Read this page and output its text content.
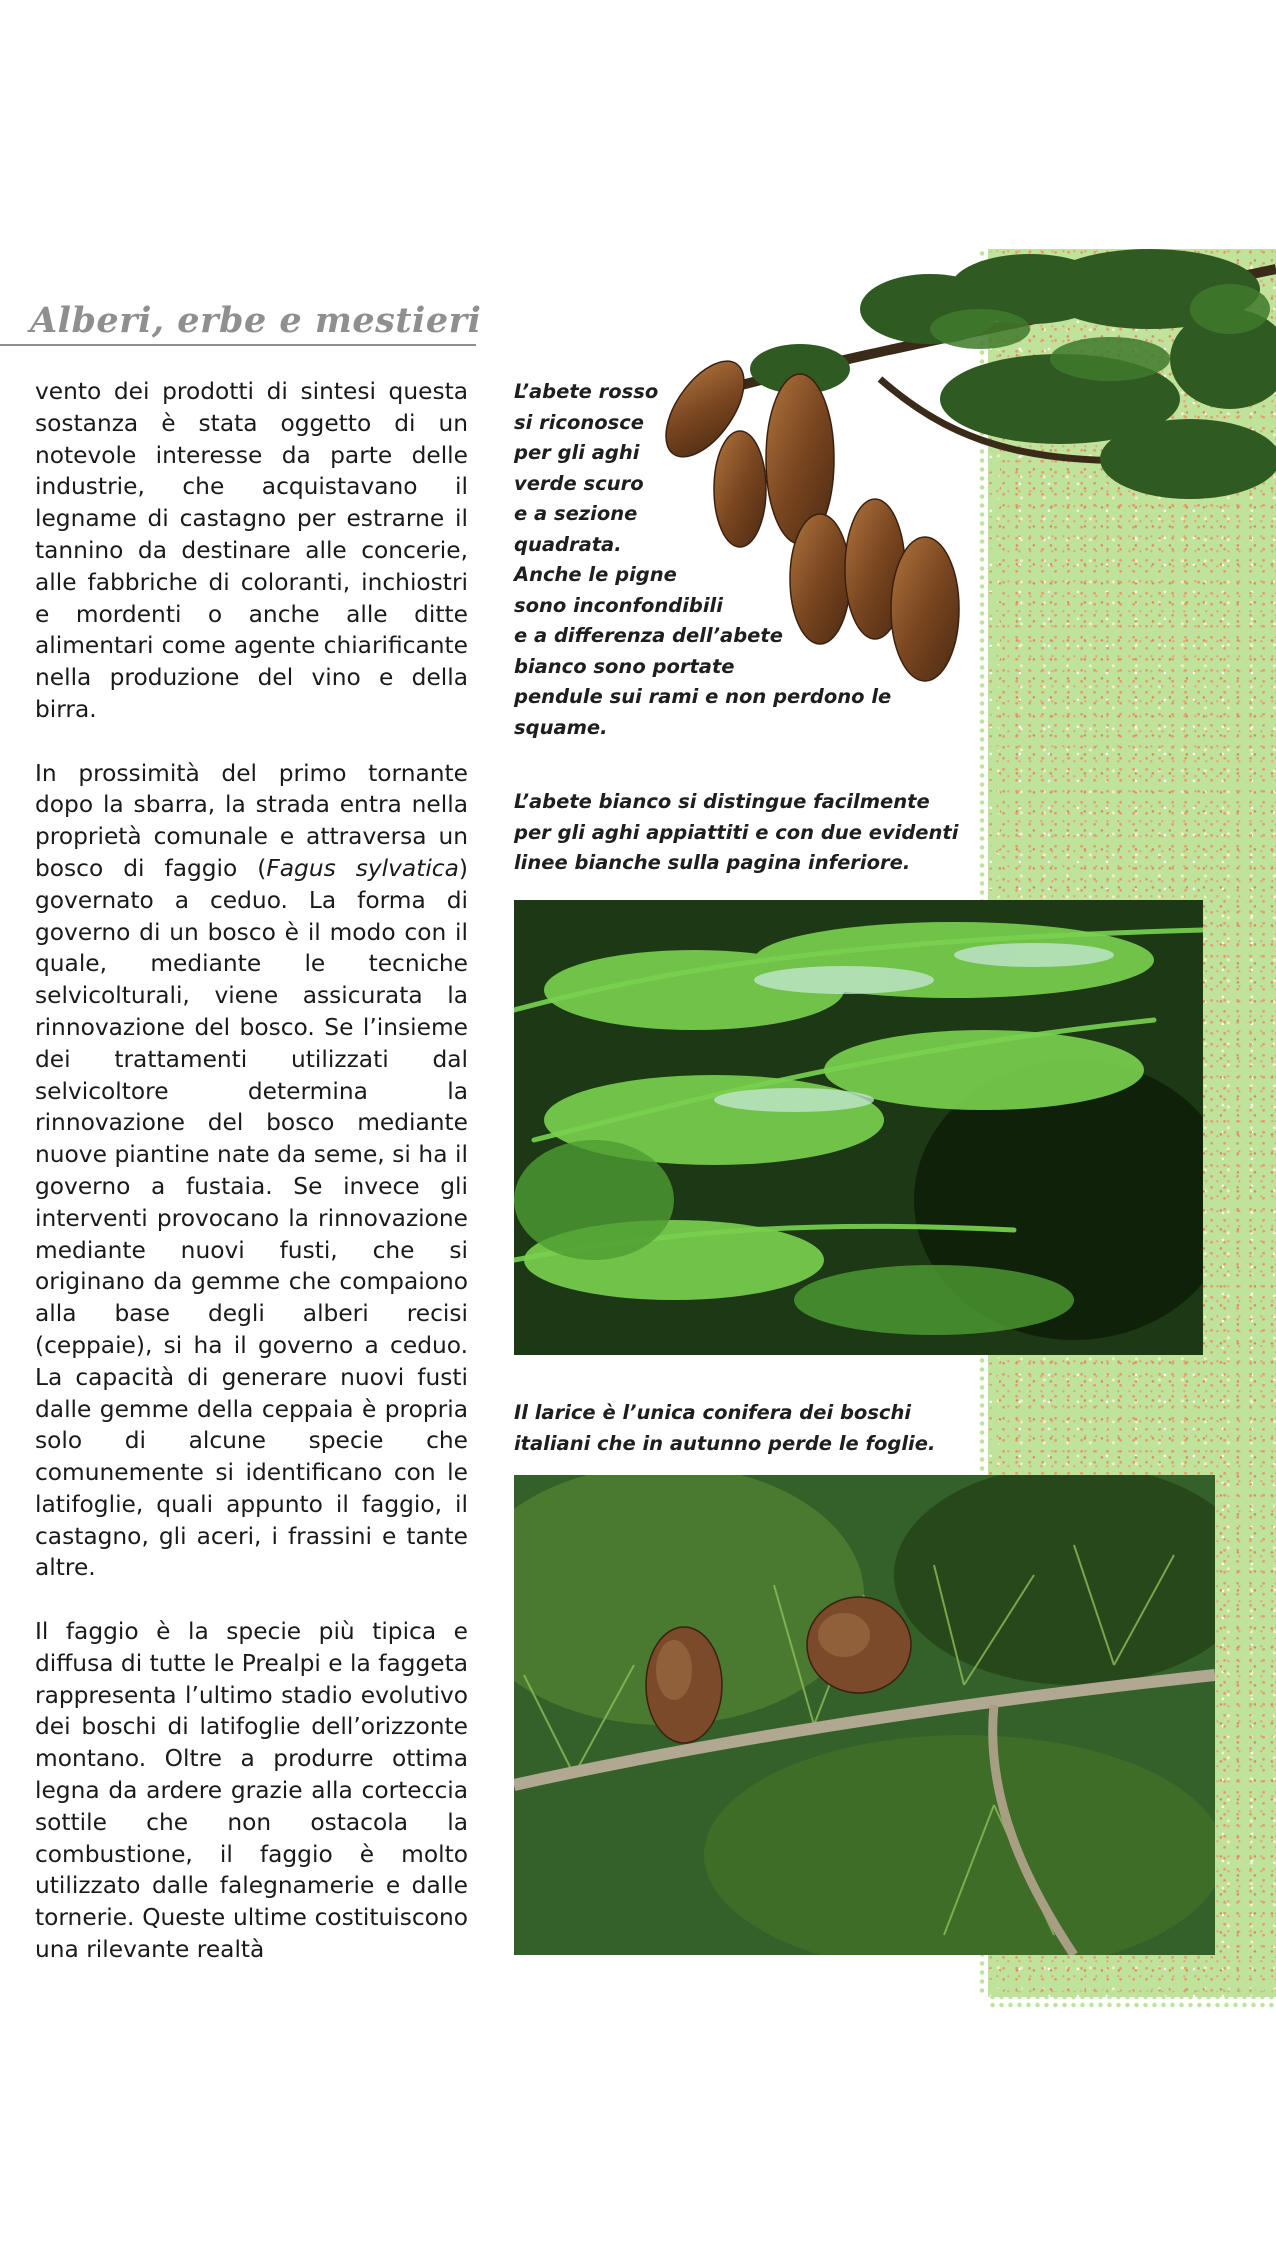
Alberi, erbe e mestieri

vento dei prodotti di sintesi questa sostanza è stata oggetto di un notevole interesse da parte delle industrie, che acquistavano il legname di castagno per estrarne il tannino da destinare alle concerie, alle fabbriche di coloranti, inchiostri e mordenti o anche alle ditte alimentari come agente chiarificante nella produzione del vino e della birra.

In prossimità del primo tornante dopo la sbarra, la strada entra nella proprietà comunale e attraversa un bosco di faggio (Fagus sylvatica) governato a ceduo. La forma di governo di un bosco è il modo con il quale, mediante le tecniche selvicolturali, viene assicurata la rinnovazione del bosco. Se l’insieme dei trattamenti utilizzati dal selvicoltore determina la rinnovazione del bosco mediante nuove piantine nate da seme, si ha il governo a fustaia. Se invece gli interventi provocano la rinnovazione mediante nuovi fusti, che si originano da gemme che compaiono alla base degli alberi recisi (ceppaie), si ha il governo a ceduo. La capacità di generare nuovi fusti dalle gemme della ceppaia è propria solo di alcune specie che comunemente si identificano con le latifoglie, quali appunto il faggio, il castagno, gli aceri, i frassini e tante altre.

Il faggio è la specie più tipica e diffusa di tutte le Prealpi e la faggeta rappresenta l’ultimo stadio evolutivo dei boschi di latifoglie dell’orizzonte montano. Oltre a produrre ottima legna da ardere grazie alla corteccia sottile che non ostacola la combustione, il faggio è molto utilizzato dalle falegnamerie e dalle tornerie. Queste ultime costituiscono una rilevante realtà

L’abete rosso
si riconosce
per gli aghi
verde scuro
e a sezione
quadrata.
Anche le pigne
sono inconfondibili
e a differenza dell’abete
bianco sono portate
pendule sui rami e non perdono le squame.

L’abete bianco si distingue facilmente
per gli aghi appiattiti e con due evidenti
linee bianche sulla pagina inferiore.

Il larice è l’unica conifera dei boschi
italiani che in autunno perde le foglie.
